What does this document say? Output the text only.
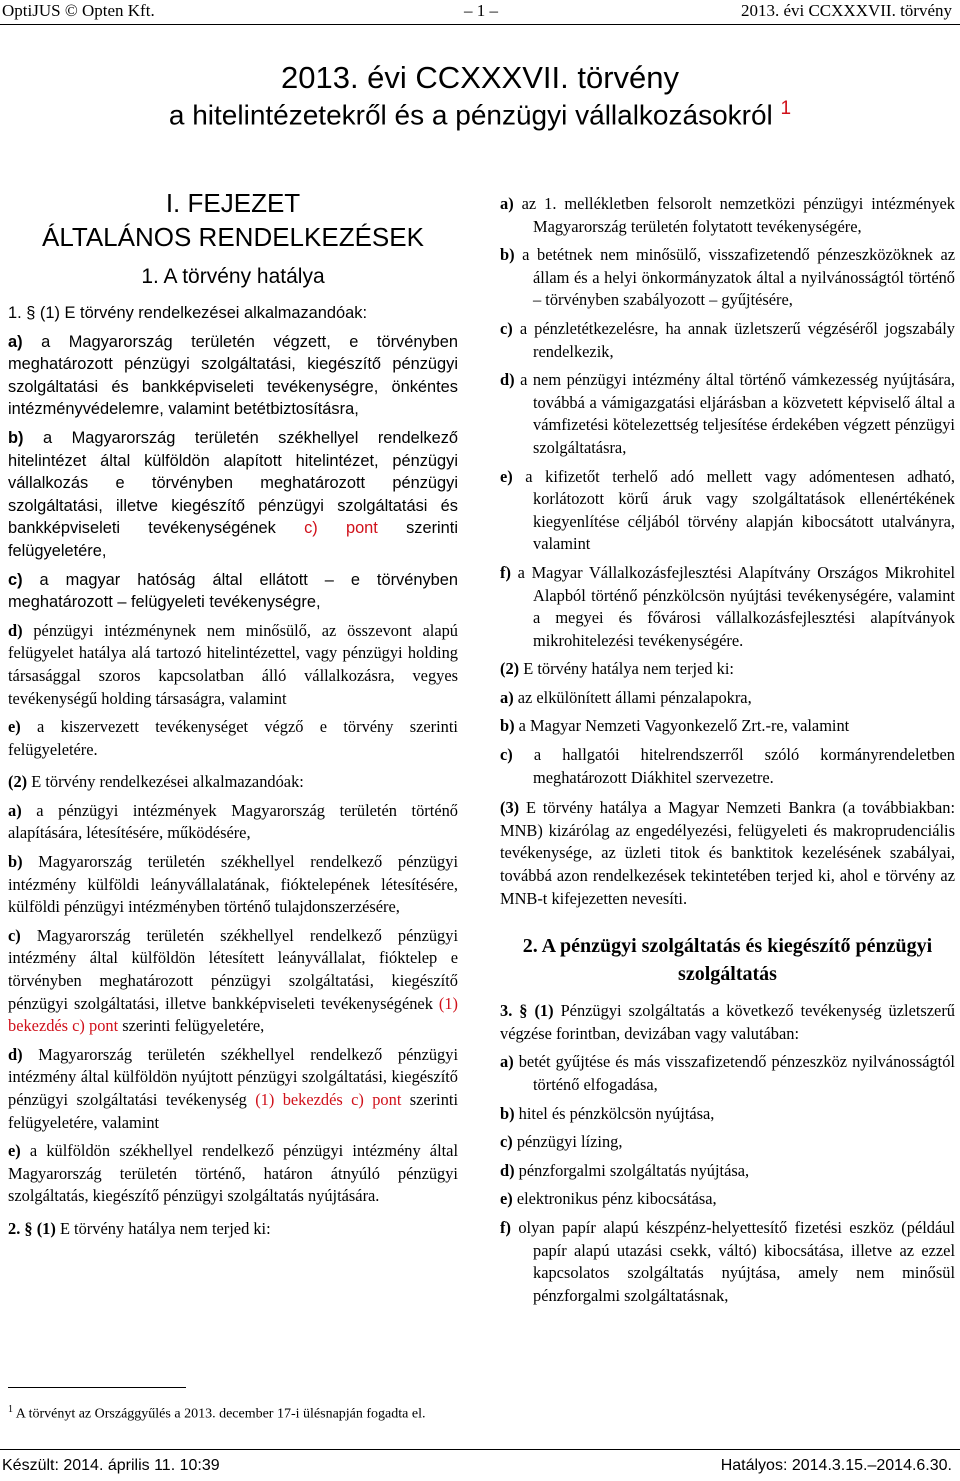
OptiJUS © Opten Kft.	– 1 –	2013. évi CCXXXVII. törvény
2013. évi CCXXXVII. törvény
a hitelintézetekről és a pénzügyi vállalkozásokról $^1$
I. FEJEZET
ÁLTALÁNOS RENDELKEZÉSEK
1. A törvény hatálya

1. § (1) E törvény rendelkezései alkalmazandóak:

a) a Magyarország területén végzett, e törvényben meghatározott pénzügyi szolgáltatási, kiegészítő pénzügyi szolgáltatási és bankképviseleti tevékenységre, önkéntes intézményvédelemre, valamint betétbiztosításra,
b) a Magyarország területén székhellyel rendelkező hitelintézet által külföldön alapított hitelintézet, pénzügyi vállalkozás e törvényben meghatározott pénzügyi szolgáltatási, illetve kiegészítő pénzügyi szolgáltatási és bankképviseleti tevékenységének c) pont szerinti felügyeletére,
c) a magyar hatóság által ellátott – e törvényben meghatározott – felügyeleti tevékenységre,
d) pénzügyi intézménynek nem minősülő, az összevont alapú felügyelet hatálya alá tartozó hitelintézettel, vagy pénzügyi holding társasággal szoros kapcsolatban álló vállalkozásra, vegyes tevékenységű holding társaságra, valamint
e) a kiszervezett tevékenységet végző e törvény szerinti felügyeletére.

(2) E törvény rendelkezései alkalmazandóak:

a) a pénzügyi intézmények Magyarország területén történő alapítására, létesítésére, működésére,
b) Magyarország területén székhellyel rendelkező pénzügyi intézmény külföldi leányvállalatának, fióktelepének létesítésére, külföldi pénzügyi intézményben történő tulajdonszerzésére,
c) Magyarország területén székhellyel rendelkező pénzügyi intézmény által külföldön létesített leányvállalat, fióktelep e törvényben meghatározott pénzügyi szolgáltatási, kiegészítő pénzügyi szolgáltatási, illetve bankképviseleti tevékenységének (1) bekezdés c) pont szerinti felügyeletére,
d) Magyarország területén székhellyel rendelkező pénzügyi intézmény által külföldön nyújtott pénzügyi szolgáltatási, kiegészítő pénzügyi szolgáltatási tevékenység (1) bekezdés c) pont szerinti felügyeletére, valamint
e) a külföldön székhellyel rendelkező pénzügyi intézmény által Magyarország területén történő, határon átnyúló pénzügyi szolgáltatás, kiegészítő pénzügyi szolgáltatás nyújtására.

2. § (1) E törvény hatálya nem terjed ki:

a) az 1. mellékletben felsorolt nemzetközi pénzügyi intézmények Magyarország területén folytatott tevékenységére,
b) a betétnek nem minősülő, visszafizetendő pénzeszközöknek az állam és a helyi önkormányzatok által a nyilvánosságtól történő – törvényben szabályozott – gyűjtésére,
c) a pénzletétkezelésre, ha annak üzletszerű végzéséről jogszabály rendelkezik,
d) a nem pénzügyi intézmény által történő vámkezesség nyújtására, továbbá a vámigazgatási eljárásban a közvetett képviselő által a vámfizetési kötelezettség teljesítése érdekében végzett pénzügyi szolgáltatásra,
e) a kifizetőt terhelő adó mellett vagy adómentesen adható, korlátozott körű áruk vagy szolgáltatások ellenértékének kiegyenlítése céljából törvény alapján kibocsátott utalványra, valamint
f) a Magyar Vállalkozásfejlesztési Alapítvány Országos Mikrohitel Alapból történő pénzkölcsön nyújtási tevékenységére, valamint a megyei és fővárosi vállalkozásfejlesztési alapítványok mikrohitelezési tevékenységére.

(2) E törvény hatálya nem terjed ki:

a) az elkülönített állami pénzalapokra,
b) a Magyar Nemzeti Vagyonkezelő Zrt.-re, valamint
c) a hallgatói hitelrendszerről szóló kormányrendeletben meghatározott Diákhitel szervezetre.

(3) E törvény hatálya a Magyar Nemzeti Bankra (a továbbiakban: MNB) kizárólag az engedélyezési, felügyeleti és makroprudenciális tevékenysége, az üzleti titok és banktitok kezelésének szabályai, továbbá azon rendelkezések tekintetében terjed ki, ahol e törvény az MNB-t kifejezetten nevesíti.

2. A pénzügyi szolgáltatás és kiegészítő pénzügyi szolgáltatás

3. § (1) Pénzügyi szolgáltatás a következő tevékenység üzletszerű végzése forintban, devizában vagy valutában:

a) betét gyűjtése és más visszafizetendő pénzeszköz nyilvánosságtól történő elfogadása,
b) hitel és pénzkölcsön nyújtása,
c) pénzügyi lízing,
d) pénzforgalmi szolgáltatás nyújtása,
e) elektronikus pénz kibocsátása,
f) olyan papír alapú készpénz-helyettesítő fizetési eszköz (például papír alapú utazási csekk, váltó) kibocsátása, illetve az ezzel kapcsolatos szolgáltatás nyújtása, amely nem minősül pénzforgalmi szolgáltatásnak,
$^1$ A törvényt az Országgyűlés a 2013. december 17-i ülésnapján fogadta el.
Készült: 2014. április 11. 10:39	Hatályos: 2014.3.15.–2014.6.30.
